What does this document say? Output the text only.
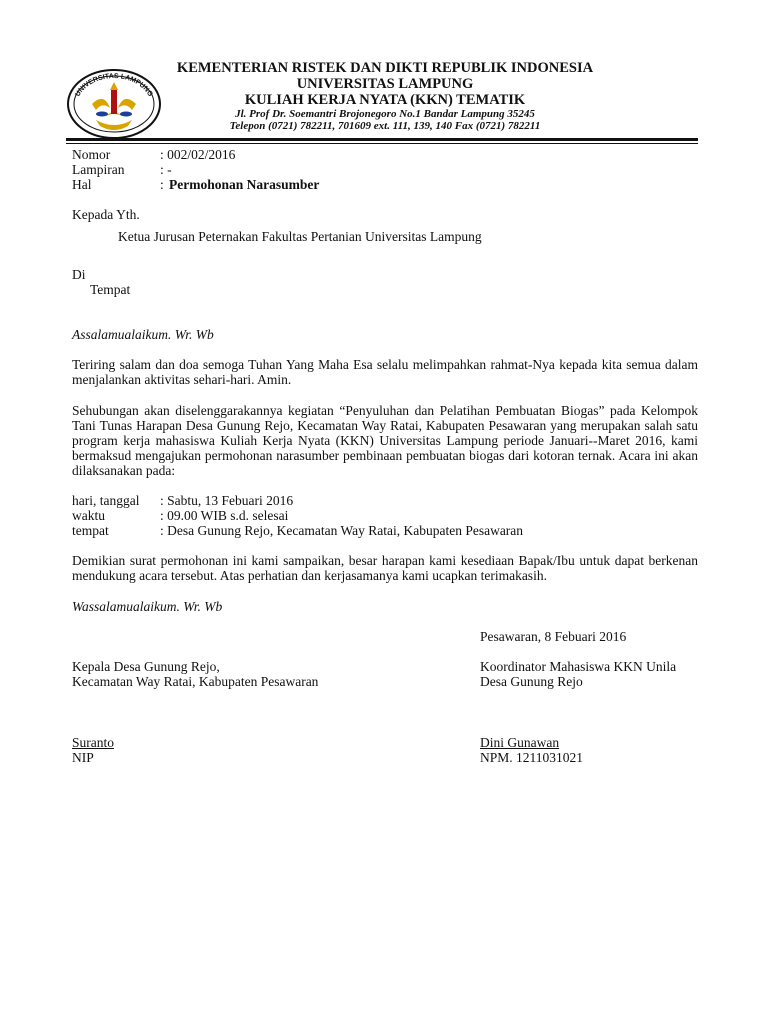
UNIVERSITAS LAMPUNG
KEMENTERIAN RISTEK DAN DIKTI REPUBLIK INDONESIA
UNIVERSITAS LAMPUNG
KULIAH KERJA NYATA (KKN) TEMATIK
Jl. Prof Dr. Soemantri Brojonegoro No.1 Bandar Lampung 35245
Telepon (0721) 782211, 701609 ext. 111, 139, 140 Fax (0721) 782211
Nomor	: 002/02/2016
Lampiran	: -
Hal	: Permohonan Narasumber
Kepada Yth.
Ketua Jurusan Peternakan Fakultas Pertanian Universitas Lampung
Di
Tempat
Assalamualaikum. Wr. Wb
Teriring salam dan doa semoga Tuhan Yang Maha Esa selalu melimpahkan rahmat-Nya kepada kita semua dalam menjalankan aktivitas sehari-hari. Amin.
Sehubungan akan diselenggarakannya kegiatan “Penyuluhan dan Pelatihan Pembuatan Biogas” pada Kelompok Tani Tunas Harapan Desa Gunung Rejo, Kecamatan Way Ratai, Kabupaten Pesawaran yang merupakan salah satu program kerja mahasiswa Kuliah Kerja Nyata (KKN) Universitas Lampung periode Januari--Maret 2016, kami bermaksud mengajukan permohonan narasumber pembinaan pembuatan biogas dari kotoran ternak. Acara ini akan dilaksanakan pada:
hari, tanggal : Sabtu, 13 Febuari 2016
waktu	: 09.00 WIB s.d. selesai
tempat	: Desa Gunung Rejo, Kecamatan Way Ratai, Kabupaten Pesawaran
Demikian surat permohonan ini kami sampaikan, besar harapan kami kesediaan Bapak/Ibu untuk dapat berkenan mendukung acara tersebut. Atas perhatian dan kerjasamanya kami ucapkan terimakasih.
Wassalamualaikum. Wr. Wb
Pesawaran, 8 Febuari 2016
Kepala Desa Gunung Rejo,
Kecamatan Way Ratai, Kabupaten Pesawaran
Suranto
NIP
Koordinator Mahasiswa KKN Unila
Desa Gunung Rejo
Dini Gunawan
NPM. 1211031021
